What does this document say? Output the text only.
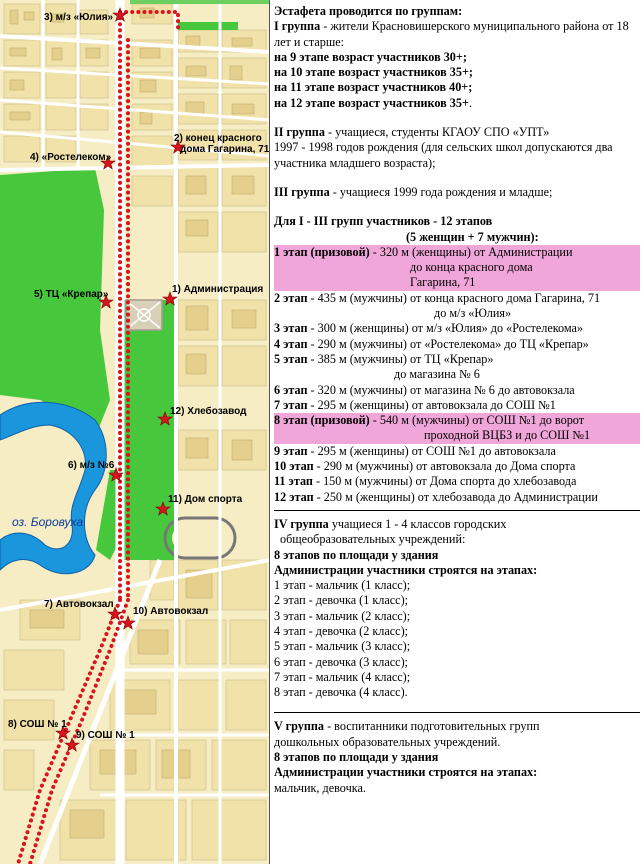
оз. Боровуха
3) м/з «Юлия»
2) конец красного
дома Гагарина, 71
4) «Ростелеком»
5) ТЦ «Крепар»	1) Администрация
12) Хлебозавод
6) м/з №6
11) Дом спорта
7) Автовокзал
10) Автовокзал
8) СОШ № 1
9) СОШ № 1

Эстафета проводится по группам:

I группа - жители Красновишерского муниципального района от 18 лет и старше:

на 9 этапе возраст участников 30+;

на 10 этапе возраст участников 35+;

на 11 этапе возраст участников 40+;

на 12 этапе возраст участников 35+.

II группа - учащиеся, студенты КГАОУ СПО «УПТ»

1997 - 1998 годов рождения (для сельских школ допускаются два участника младшего возраста);

III группа - учащиеся 1999 года рождения и младше;

Для I - III групп участников - 12 этапов

(5 женщин + 7 мужчин):

1 этап (призовой) - 320 м (женщины) от Администрации

до конца красного дома

Гагарина, 71

2 этап - 435 м (мужчины) от конца красного дома Гагарина, 71

до м/з «Юлия»

3 этап - 300 м (женщины) от м/з «Юлия» до «Ростелекома»

4 этап - 290 м (мужчины) от «Ростелекома» до ТЦ «Крепар»

5 этап - 385 м (мужчины) от ТЦ «Крепар»

до магазина № 6

6 этап - 320 м (мужчины) от магазина № 6 до автовокзала

7 этап - 295 м (женщины) от автовокзала до СОШ №1

8 этап (призовой) - 540 м (мужчины) от СОШ №1 до ворот

проходной ВЦБЗ и до СОШ №1

9 этап - 295 м (женщины) от СОШ №1 до автовокзала

10 этап - 290 м (мужчины) от автовокзала до Дома спорта

11 этап - 150 м (мужчины) от Дома спорта до хлебозавода

12 этап - 250 м (женщины) от хлебозавода до Администрации

IV группа учащиеся 1 - 4 классов городских

общеобразовательных учреждений:

8 этапов по площади у здания

Администрации участники строятся на этапах:

1 этап - мальчик (1 класс);

2 этап - девочка (1 класс);

3 этап - мальчик (2 класс);

4 этап - девочка (2 класс);

5 этап - мальчик (3 класс);

6 этап - девочка (3 класс);

7 этап - мальчик (4 класс);

8 этап - девочка (4 класс).

V группа - воспитанники подготовительных групп

дошкольных образовательных учреждений.

8 этапов по площади у здания

Администрации участники строятся на этапах:

мальчик, девочка.
